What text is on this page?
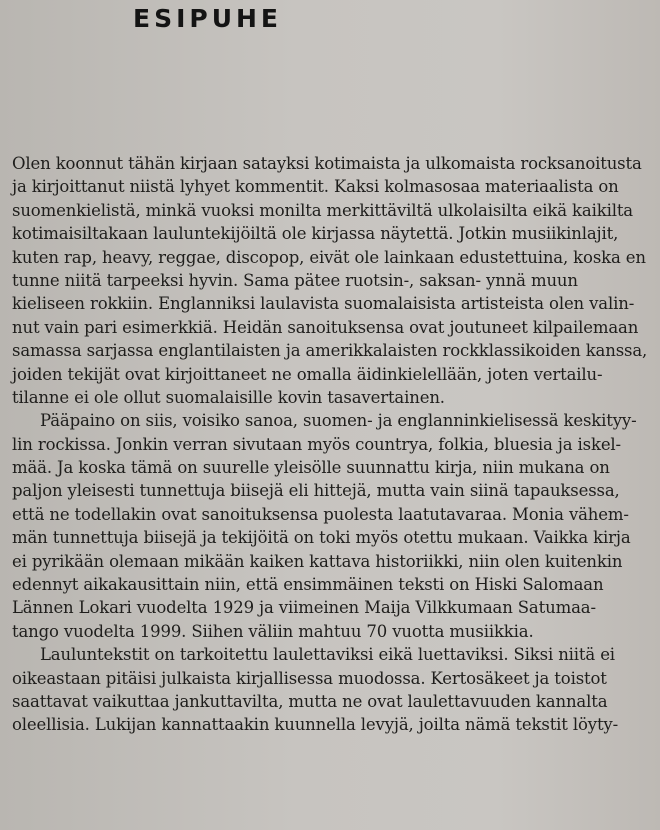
ESIPUHE
Olen koonnut tähän kirjaan satayksi kotimaista ja ulkomaista rocksanoitusta
ja kirjoittanut niistä lyhyet kommentit. Kaksi kolmasosaa materiaalista on
suomenkielistä, minkä vuoksi monilta merkittäviltä ulkolaisilta eikä kaikilta
kotimaisiltakaan lauluntekijöiltä ole kirjassa näytettä. Jotkin musiikinlajit,
kuten rap, heavy, reggae, discopop, eivät ole lainkaan edustettuina, koska en
tunne niitä tarpeeksi hyvin. Sama pätee ruotsin-, saksan- ynnä muun
kieliseen rokkiin. Englanniksi laulavista suomalaisista artisteista olen valin-
nut vain pari esimerkkiä. Heidän sanoituksensa ovat joutuneet kilpailemaan
samassa sarjassa englantilaisten ja amerikkalaisten rockklassikoiden kanssa,
joiden tekijät ovat kirjoittaneet ne omalla äidinkielellään, joten vertailu-
tilanne ei ole ollut suomalaisille kovin tasavertainen.
Pääpaino on siis, voisiko sanoa, suomen- ja englanninkielisessä keskityy-
lin rockissa. Jonkin verran sivutaan myös countrya, folkia, bluesia ja iskel-
mää. Ja koska tämä on suurelle yleisölle suunnattu kirja, niin mukana on
paljon yleisesti tunnettuja biisejä eli hittejä, mutta vain siinä tapauksessa,
että ne todellakin ovat sanoituksensa puolesta laatutavaraa. Monia vähem-
män tunnettuja biisejä ja tekijöitä on toki myös otettu mukaan. Vaikka kirja
ei pyrikään olemaan mikään kaiken kattava historiikki, niin olen kuitenkin
edennyt aikakausittain niin, että ensimmäinen teksti on Hiski Salomaan
Lännen Lokari vuodelta 1929 ja viimeinen Maija Vilkkumaan Satumaa-
tango vuodelta 1999. Siihen väliin mahtuu 70 vuotta musiikkia.
Lauluntekstit on tarkoitettu laulettaviksi eikä luettaviksi. Siksi niitä ei
oikeastaan pitäisi julkaista kirjallisessa muodossa. Kertosäkeet ja toistot
saattavat vaikuttaa jankuttavilta, mutta ne ovat laulettavuuden kannalta
oleellisia. Lukijan kannattaakin kuunnella levyjä, joilta nämä tekstit löyty-
